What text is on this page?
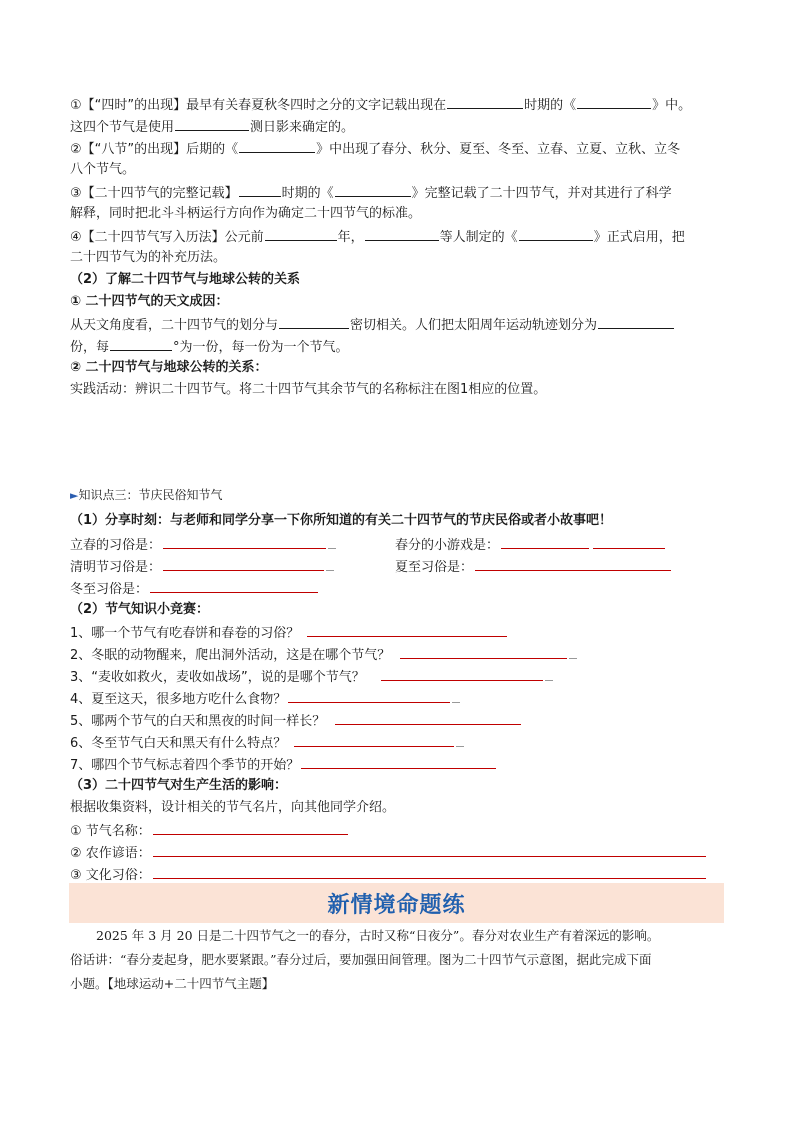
①【“四时”的出现】最早有关春夏秋冬四时之分的文字记载出现在	时期的《	》中。
这四个节气是使用	测日影来确定的。
②【“八节”的出现】后期的《	》中出现了春分、秋分、夏至、冬至、立春、立夏、立秋、立冬
八个节气。
③【二十四节气的完整记载】	时期的《	》完整记载了二十四节气，并对其进行了科学
解释，同时把北斗斗柄运行方向作为确定二十四节气的标准。
④【二十四节气写入历法】公元前	年，	等人制定的《	》正式启用，把
二十四节气为的补充历法。
（2）了解二十四节气与地球公转的关系
① 二十四节气的天文成因：
从天文角度看，二十四节气的划分与	密切相关。人们把太阳周年运动轨迹划分为
份，每	°为一份，每一份为一个节气。
② 二十四节气与地球公转的关系：
实践活动：辨识二十四节气。将二十四节气其余节气的名称标注在图1相应的位置。
►知识点三：节庆民俗知节气
（1）分享时刻：与老师和同学分享一下你所知道的有关二十四节气的节庆民俗或者小故事吧！
立春的习俗是：	春分的小游戏是：
清明节习俗是：	夏至习俗是：
冬至习俗是：
（2）节气知识小竞赛：
1、哪一个节气有吃春饼和春卷的习俗？
2、冬眠的动物醒来，爬出洞外活动，这是在哪个节气？
3、“麦收如救火，麦收如战场”，说的是哪个节气？
4、夏至这天，很多地方吃什么食物？
5、哪两个节气的白天和黑夜的时间一样长？
6、冬至节气白天和黑天有什么特点？
7、哪四个节气标志着四个季节的开始？
（3）二十四节气对生产生活的影响：
根据收集资料，设计相关的节气名片，向其他同学介绍。
① 节气名称：
② 农作谚语：
③ 文化习俗：
新情境命题练
2025 年 3 月 20 日是二十四节气之一的春分，古时又称“日夜分”。春分对农业生产有着深远的影响。
俗话讲：“春分麦起身，肥水要紧跟。”春分过后，要加强田间管理。图为二十四节气示意图，据此完成下面
小题。【地球运动+二十四节气主题】
